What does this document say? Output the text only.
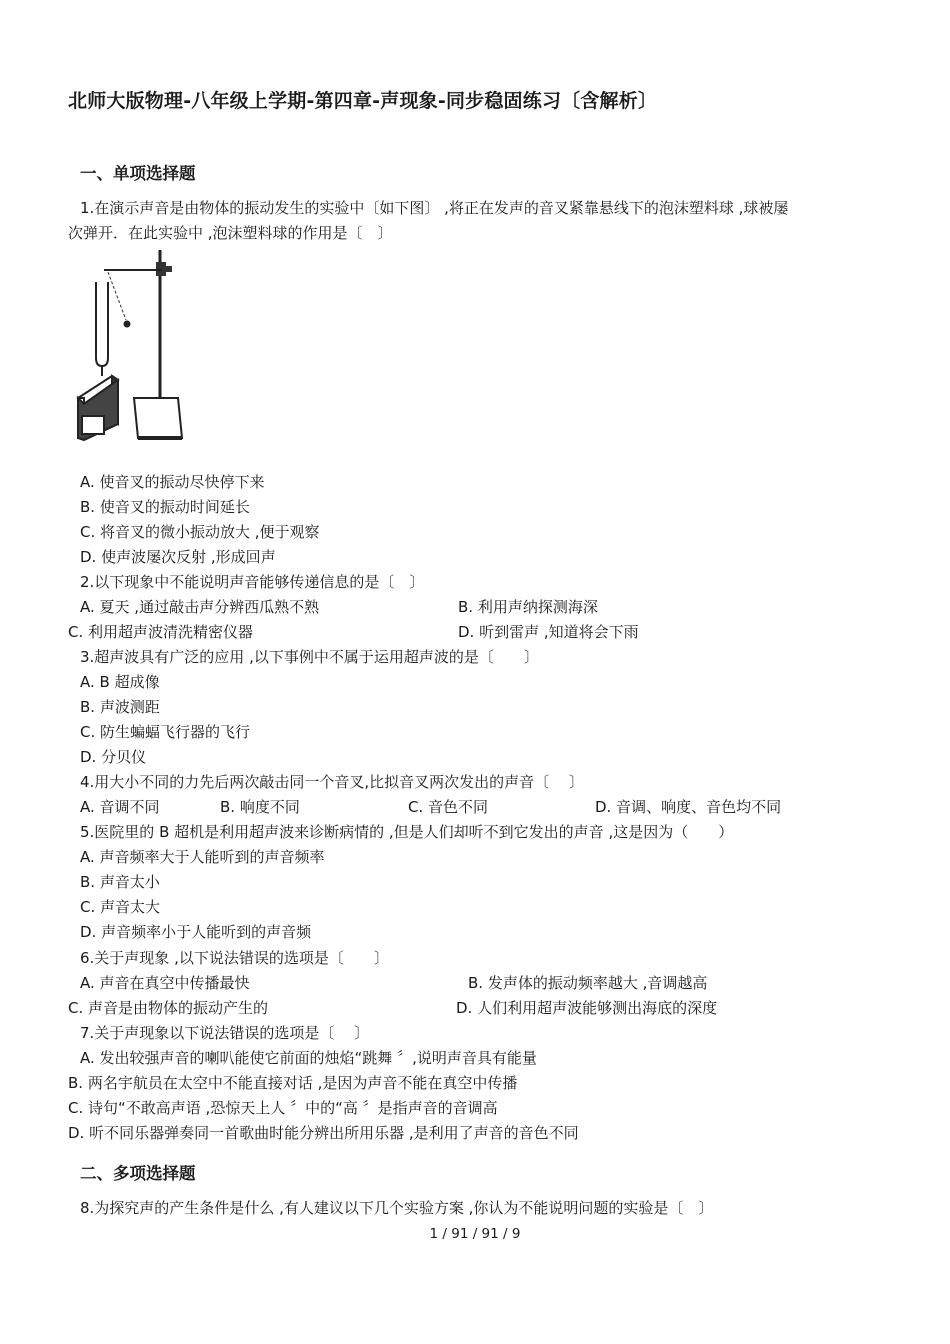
北师大版物理-八年级上学期-第四章-声现象-同步稳固练习〔含解析〕
一、单项选择题
1.在演示声音是由物体的振动发生的实验中〔如下图〕 ,将正在发声的音叉紧靠悬线下的泡沫塑料球 ,球被屡
次弹开．在此实验中 ,泡沫塑料球的作用是〔　〕
A. 使音叉的振动尽快停下来
B. 使音叉的振动时间延长
C. 将音叉的微小振动放大 ,便于观察
D. 使声波屡次反射 ,形成回声
2.以下现象中不能说明声音能够传递信息的是〔　〕
A. 夏天 ,通过敲击声分辨西瓜熟不熟	B. 利用声纳探测海深
C. 利用超声波清洗精密仪器	D. 听到雷声 ,知道将会下雨
3.超声波具有广泛的应用 ,以下事例中不属于运用超声波的是〔　　〕
A. B 超成像
B. 声波测距
C. 防生蝙蝠飞行器的飞行
D. 分贝仪
4.用大小不同的力先后两次敲击同一个音叉,比拟音叉两次发出的声音〔　 〕
A. 音调不同	B. 响度不同	C. 音色不同	D. 音调、响度、音色均不同
5.医院里的 B 超机是利用超声波来诊断病情的 ,但是人们却听不到它发出的声音 ,这是因为（　　）
A. 声音频率大于人能听到的声音频率
B. 声音太小
C. 声音太大
D. 声音频率小于人能听到的声音频
6.关于声现象 ,以下说法错误的选项是〔　　〕
A. 声音在真空中传播最快	B. 发声体的振动频率越大 ,音调越高
C. 声音是由物体的振动产生的	D. 人们利用超声波能够测出海底的深度
7.关于声现象以下说法错误的选项是〔　 〕
A. 发出较强声音的喇叭能使它前面的烛焰“跳舞 〞,说明声音具有能量
B. 两名宇航员在太空中不能直接对话 ,是因为声音不能在真空中传播
C. 诗句“不敢高声语 ,恐惊天上人 〞中的“高 〞是指声音的音调高
D. 听不同乐器弹奏同一首歌曲时能分辨出所用乐器 ,是利用了声音的音色不同
二、多项选择题
8.为探究声的产生条件是什么 ,有人建议以下几个实验方案 ,你认为不能说明问题的实验是〔　〕
1 / 91 / 91 / 9
